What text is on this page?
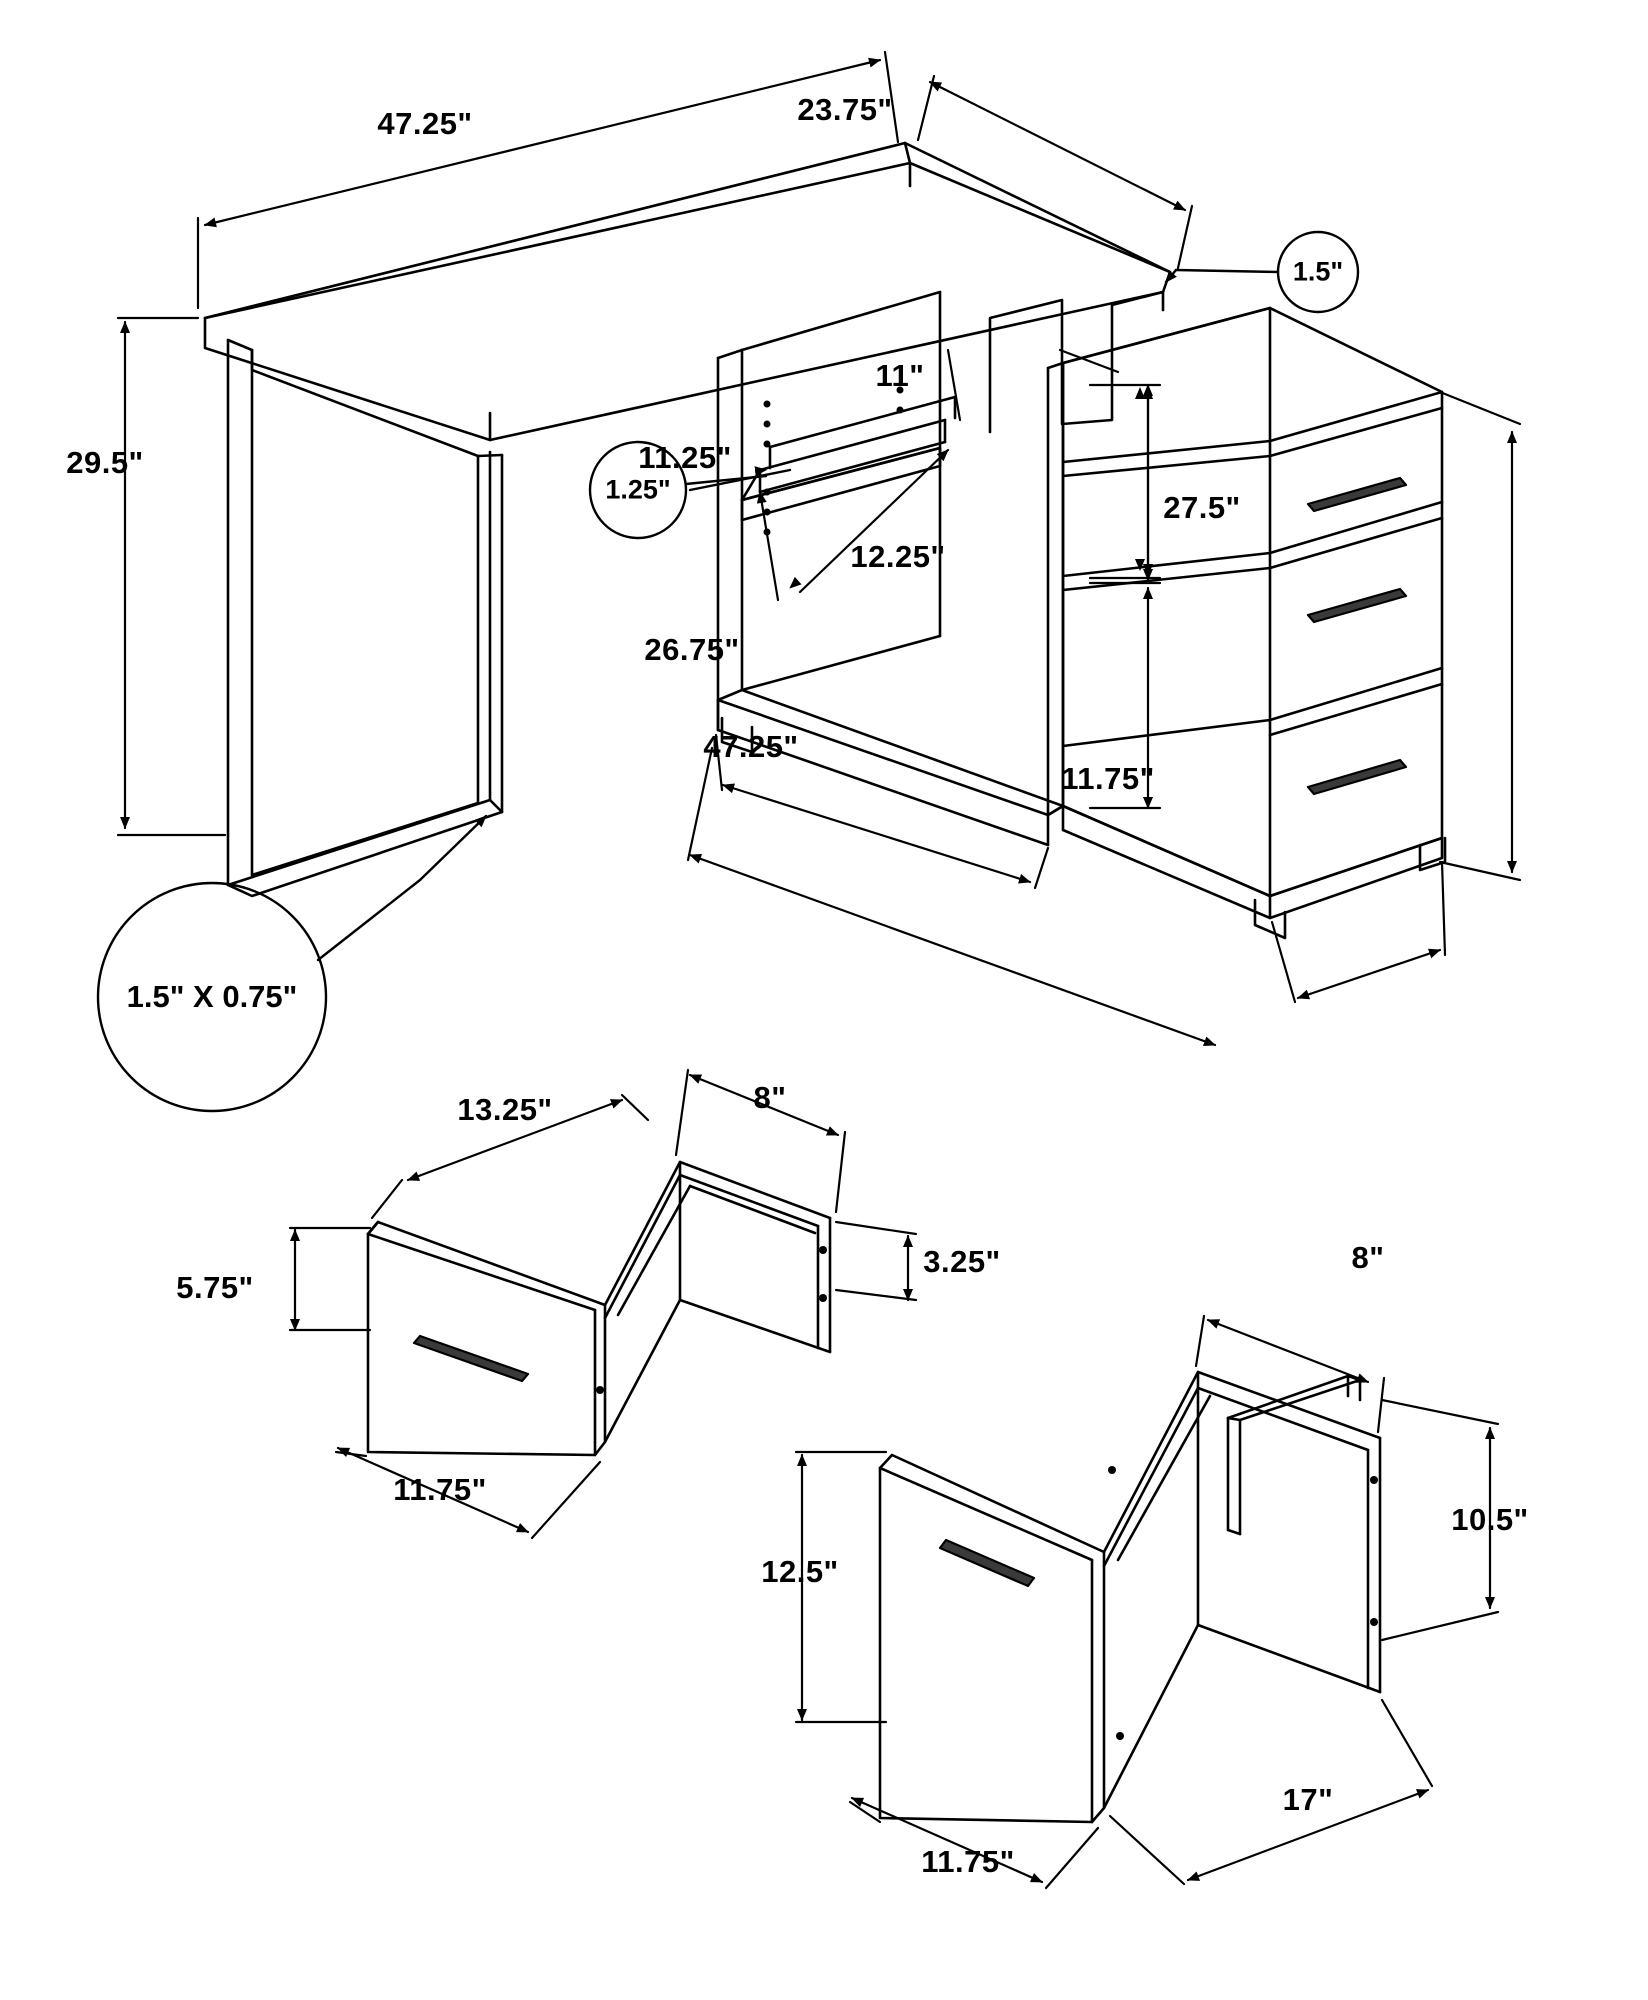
47.25"	23.75"
29.5"
11"
12.25"
11.25"
26.75"
47.25"
27.5"
11.75"
1.5"
1.25"
1.5" X 0.75"
13.25"	8"
5.75"
3.25"
11.75"
8"
10.5"
12.5"
11.75"
17"
